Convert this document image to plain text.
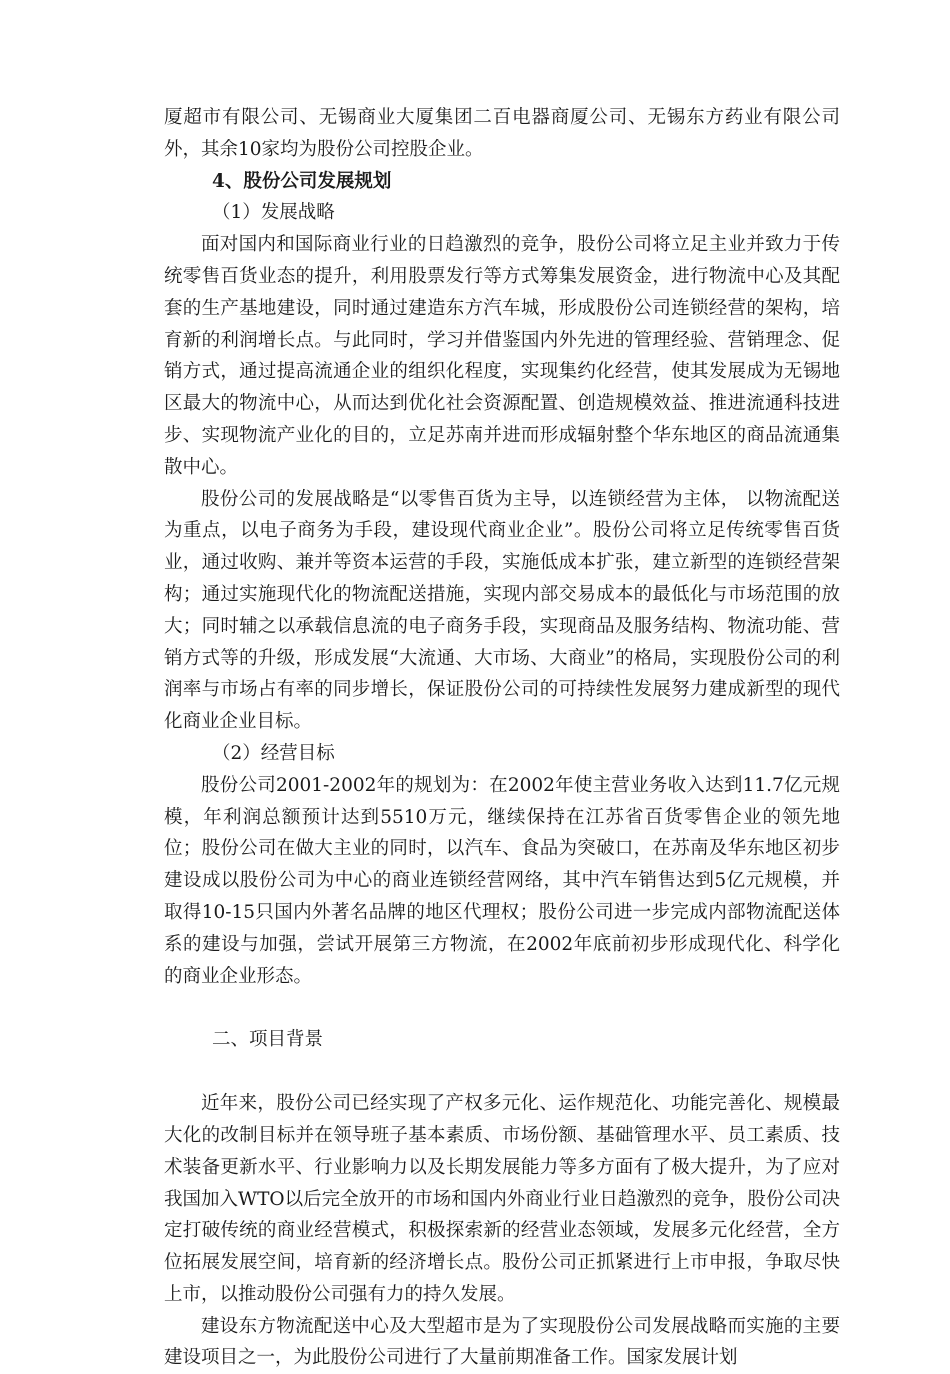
厦超市有限公司、无锡商业大厦集团二百电器商厦公司、无锡东方药业有限公司外，其余10家均为股份公司控股企业。

4、股份公司发展规划

（1）发展战略

面对国内和国际商业行业的日趋激烈的竞争，股份公司将立足主业并致力于传统零售百货业态的提升，利用股票发行等方式筹集发展资金，进行物流中心及其配套的生产基地建设，同时通过建造东方汽车城，形成股份公司连锁经营的架构，培育新的利润增长点。与此同时，学习并借鉴国内外先进的管理经验、营销理念、促销方式，通过提高流通企业的组织化程度，实现集约化经营，使其发展成为无锡地区最大的物流中心，从而达到优化社会资源配置、创造规模效益、推进流通科技进步、实现物流产业化的目的，立足苏南并进而形成辐射整个华东地区的商品流通集散中心。

股份公司的发展战略是“以零售百货为主导，以连锁经营为主体， 以物流配送为重点，以电子商务为手段，建设现代商业企业”。股份公司将立足传统零售百货业，通过收购、兼并等资本运营的手段，实施低成本扩张，建立新型的连锁经营架构；通过实施现代化的物流配送措施，实现内部交易成本的最低化与市场范围的放大；同时辅之以承载信息流的电子商务手段，实现商品及服务结构、物流功能、营销方式等的升级，形成发展“大流通、大市场、大商业”的格局，实现股份公司的利润率与市场占有率的同步增长，保证股份公司的可持续性发展努力建成新型的现代化商业企业目标。

（2）经营目标

股份公司2001-2002年的规划为：在2002年使主营业务收入达到11.7亿元规模，年利润总额预计达到5510万元，继续保持在江苏省百货零售企业的领先地位；股份公司在做大主业的同时，以汽车、食品为突破口，在苏南及华东地区初步建设成以股份公司为中心的商业连锁经营网络，其中汽车销售达到5亿元规模，并取得10-15只国内外著名品牌的地区代理权；股份公司进一步完成内部物流配送体系的建设与加强，尝试开展第三方物流，在2002年底前初步形成现代化、科学化的商业企业形态。

二、项目背景

近年来，股份公司已经实现了产权多元化、运作规范化、功能完善化、规模最大化的改制目标并在领导班子基本素质、市场份额、基础管理水平、员工素质、技术装备更新水平、行业影响力以及长期发展能力等多方面有了极大提升，为了应对我国加入WTO以后完全放开的市场和国内外商业行业日趋激烈的竞争，股份公司决定打破传统的商业经营模式，积极探索新的经营业态领域，发展多元化经营，全方位拓展发展空间，培育新的经济增长点。股份公司正抓紧进行上市申报，争取尽快上市，以推动股份公司强有力的持久发展。

建设东方物流配送中心及大型超市是为了实现股份公司发展战略而实施的主要建设项目之一，为此股份公司进行了大量前期准备工作。国家发展计划
